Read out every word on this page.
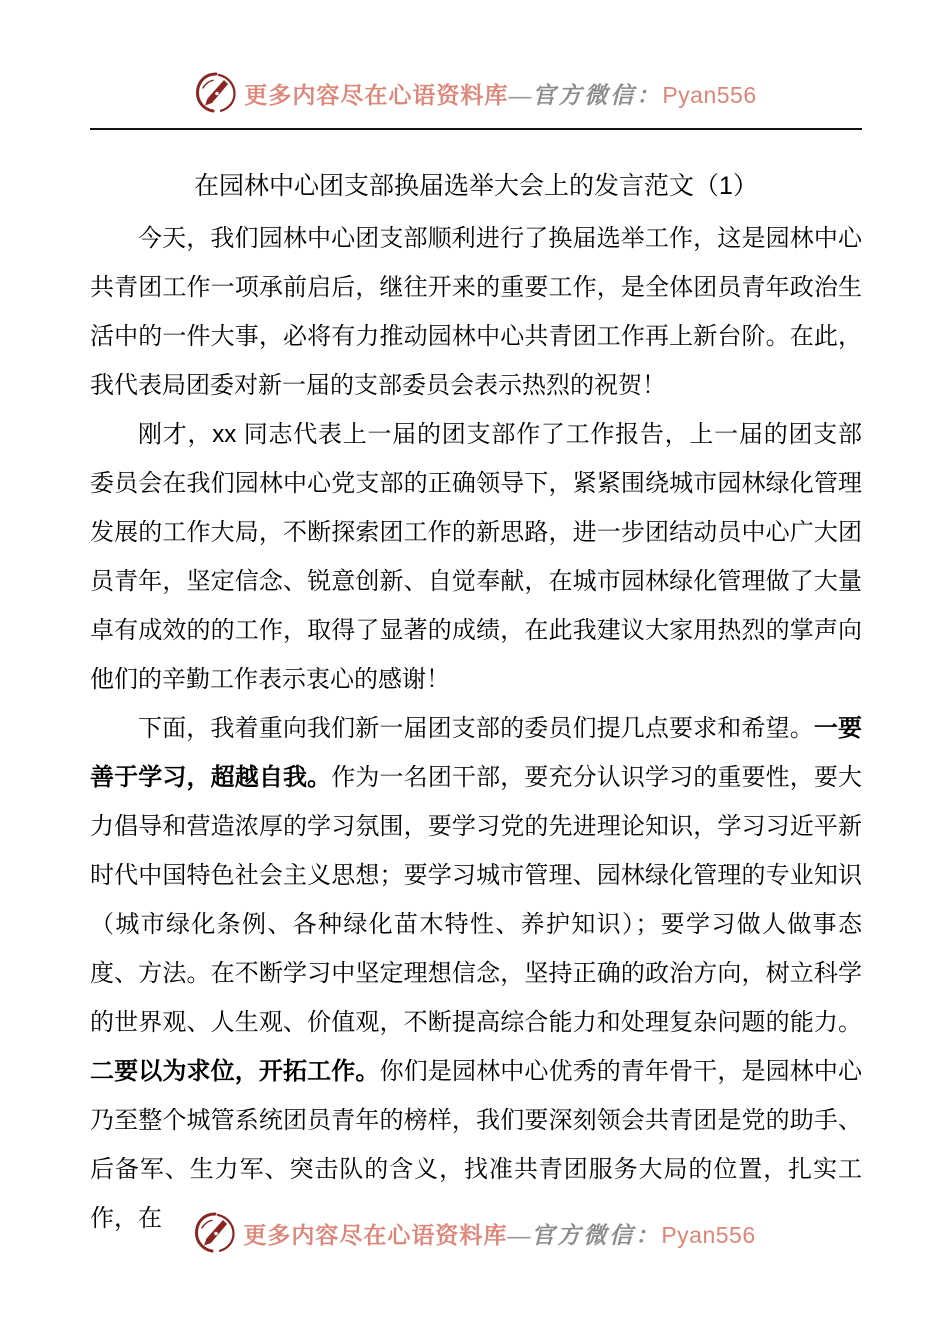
更多内容尽在心语资料库—官方微信：Pyan556
在园林中心团支部换届选举大会上的发言范文（1）

今天，我们园林中心团支部顺利进行了换届选举工作，这是园林中心共青团工作一项承前启后，继往开来的重要工作，是全体团员青年政治生活中的一件大事，必将有力推动园林中心共青团工作再上新台阶。在此，我代表局团委对新一届的支部委员会表示热烈的祝贺！

刚才，xx 同志代表上一届的团支部作了工作报告，上一届的团支部委员会在我们园林中心党支部的正确领导下，紧紧围绕城市园林绿化管理发展的工作大局，不断探索团工作的新思路，进一步团结动员中心广大团员青年，坚定信念、锐意创新、自觉奉献，在城市园林绿化管理做了大量卓有成效的的工作，取得了显著的成绩，在此我建议大家用热烈的掌声向他们的辛勤工作表示衷心的感谢！

下面，我着重向我们新一届团支部的委员们提几点要求和希望。一要善于学习，超越自我。作为一名团干部，要充分认识学习的重要性，要大力倡导和营造浓厚的学习氛围，要学习党的先进理论知识，学习习近平新时代中国特色社会主义思想；要学习城市管理、园林绿化管理的专业知识（城市绿化条例、各种绿化苗木特性、养护知识）；要学习做人做事态度、方法。在不断学习中坚定理想信念，坚持正确的政治方向，树立科学的世界观、人生观、价值观，不断提高综合能力和处理复杂问题的能力。二要以为求位，开拓工作。你们是园林中心优秀的青年骨干，是园林中心乃至整个城管系统团员青年的榜样，我们要深刻领会共青团是党的助手、后备军、生力军、突击队的含义，找准共青团服务大局的位置，扎实工作，在

更多内容尽在心语资料库—官方微信：Pyan556
